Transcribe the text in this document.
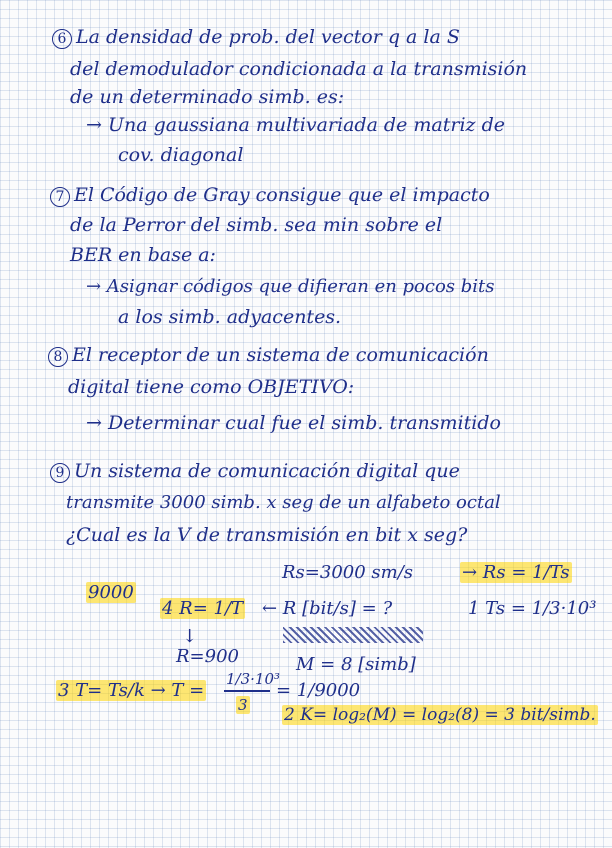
6 La densidad de prob. del vector q a la S
del demodulador condicionada a la transmisión
de un determinado simb. es:
→ Una gaussiana multivariada de matriz de
cov. diagonal
7 El Código de Gray consigue que el impacto
de la Perror del simb. sea min sobre el
BER en base a:
→ Asignar códigos que difieran en pocos bits
a los simb. adyacentes.
8 El receptor de un sistema de comunicación
digital tiene como OBJETIVO:
→ Determinar cual fue el simb. transmitido
9 Un sistema de comunicación digital que
transmite 3000 simb. x seg de un alfabeto octal
¿Cual es la V de transmisión en bit x seg?
Rs=3000 sm/s	→ Rs = 1/Ts
9000
4 R= 1/T ← R [bit/s] = ?	1 Ts = 1/3·10³
↓
R=900	M = 8 [simb]
3 T= Ts/k → T =
1/3·10³
3
= 1/9000
2 K= log₂(M) = log₂(8) = 3 bit/simb.
